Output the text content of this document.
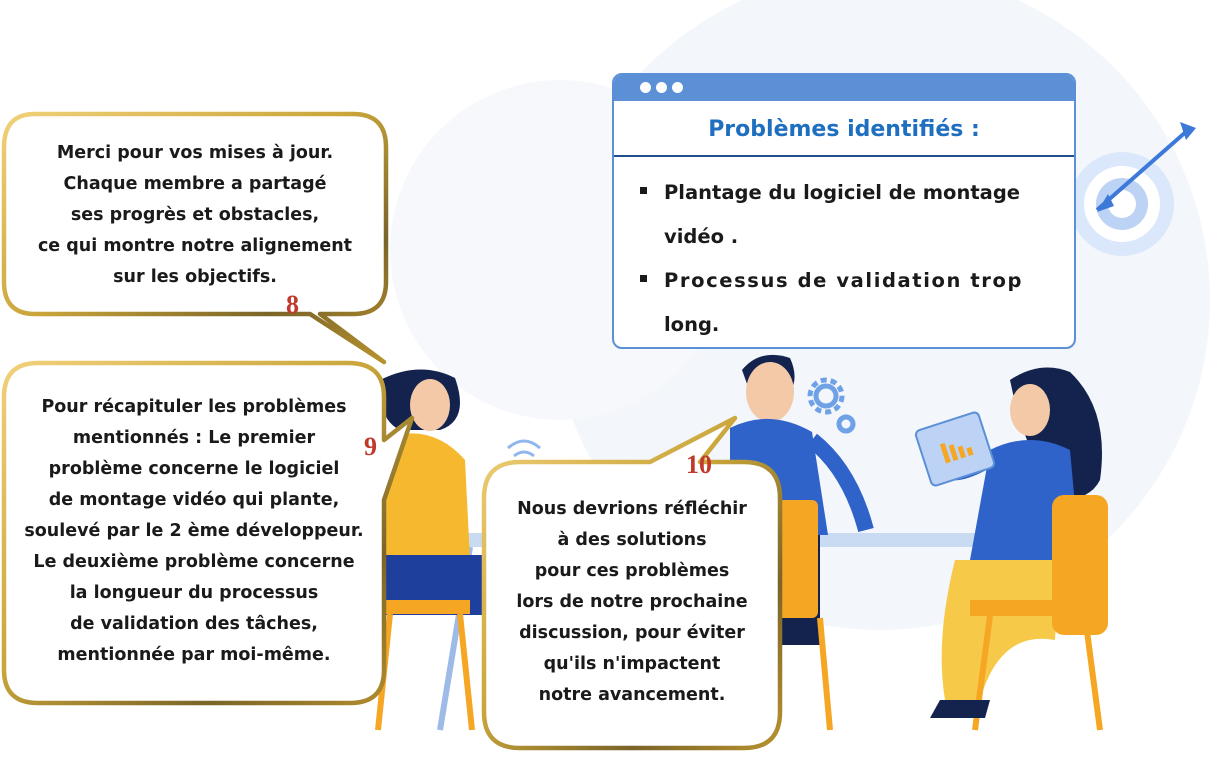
Merci pour vos mises à jour.
Chaque membre a partagé
ses progrès et obstacles,
ce qui montre notre alignement
sur les objectifs.
8
Pour récapituler les problèmes
mentionnés : Le premier
problème concerne le logiciel
de montage vidéo qui plante,
soulevé par le 2 ème développeur.
Le deuxième problème concerne
la longueur du processus
de validation des tâches,
mentionnée par moi-même.
9
Nous devrions réfléchir
à des solutions
pour ces problèmes
lors de notre prochaine
discussion, pour éviter
qu'ils n'impactent
notre avancement.
10
Problèmes identifiés :
Plantage du logiciel de montage
vidéo .
Processus de validation trop
long.
